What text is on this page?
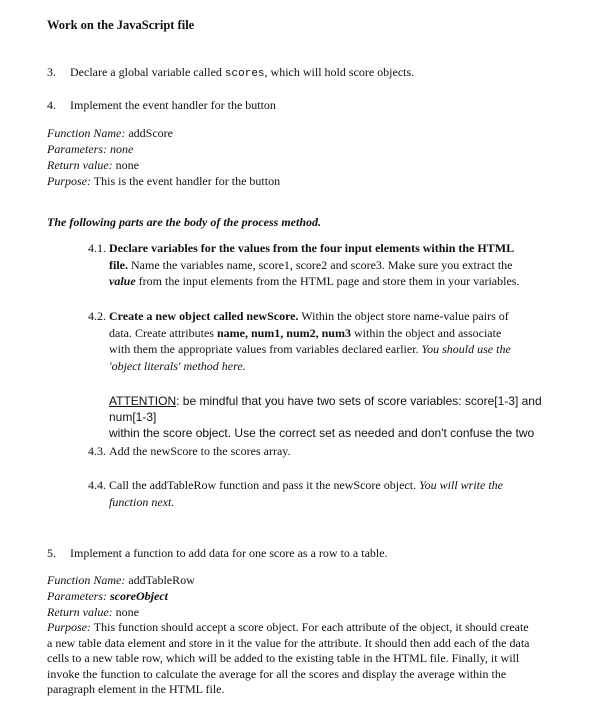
Work on the JavaScript file
3. Declare a global variable called scores, which will hold score objects.
4. Implement the event handler for the button
Function Name: addScore
Parameters: none
Return value: none
Purpose: This is the event handler for the button
The following parts are the body of the process method.
4.1. Declare variables for the values from the four input elements within the HTML
file. Name the variables name, score1, score2 and score3. Make sure you extract the
value from the input elements from the HTML page and store them in your variables.
4.2. Create a new object called newScore. Within the object store name-value pairs of
data. Create attributes name, num1, num2, num3 within the object and associate
with them the appropriate values from variables declared earlier. You should use the
'object literals' method here.
ATTENTION: be mindful that you have two sets of score variables: score[1-3] and num[1-3]
within the score object. Use the correct set as needed and don't confuse the two
4.3. Add the newScore to the scores array.
4.4. Call the addTableRow function and pass it the newScore object. You will write the
function next.
5. Implement a function to add data for one score as a row to a table.
Function Name: addTableRow
Parameters: scoreObject
Return value: none
Purpose: This function should accept a score object. For each attribute of the object, it should create
a new table data element and store in it the value for the attribute. It should then add each of the data
cells to a new table row, which will be added to the existing table in the HTML file. Finally, it will
invoke the function to calculate the average for all the scores and display the average within the
paragraph element in the HTML file.
